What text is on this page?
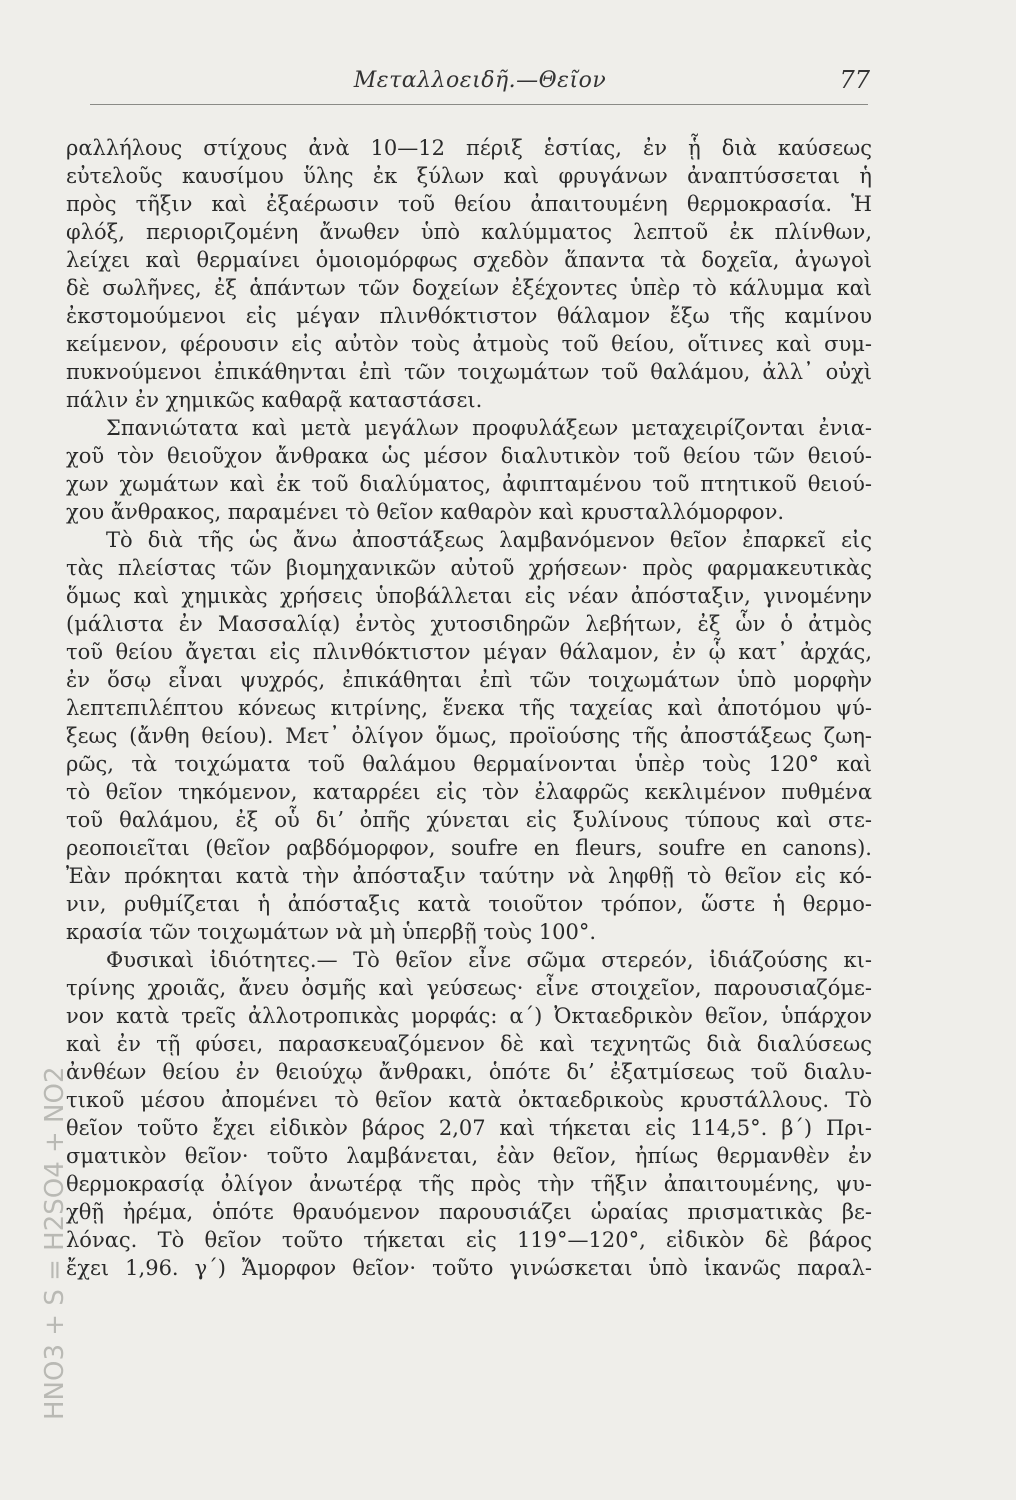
Μεταλλοειδῆ.—Θεῖον	77
ραλλήλους στίχους ἀνὰ 10—12 πέριξ ἑστίας, ἐν ᾗ διὰ καύσεως
εὐτελοῦς καυσίμου ὕλης ἐκ ξύλων καὶ φρυγάνων ἀναπτύσσεται ἡ
πρὸς τῆξιν καὶ ἐξαέρωσιν τοῦ θείου ἀπαιτουμένη θερμοκρασία. Ἡ
φλόξ, περιοριζομένη ἄνωθεν ὑπὸ καλύμματος λεπτοῦ ἐκ πλίνθων,
λείχει καὶ θερμαίνει ὁμοιομόρφως σχεδὸν ἅπαντα τὰ δοχεῖα, ἀγωγοὶ
δὲ σωλῆνες, ἐξ ἁπάντων τῶν δοχείων ἐξέχοντες ὑπὲρ τὸ κάλυμμα καὶ
ἐκστομούμενοι εἰς μέγαν πλινθόκτιστον θάλαμον ἔξω τῆς καμίνου
κείμενον, φέρουσιν εἰς αὐτὸν τοὺς ἀτμοὺς τοῦ θείου, οἵτινες καὶ συμ-
πυκνούμενοι ἐπικάθηνται ἐπὶ τῶν τοιχωμάτων τοῦ θαλάμου, ἀλλ᾿ οὐχὶ
πάλιν ἐν χημικῶς καθαρᾷ καταστάσει.
Σπανιώτατα καὶ μετὰ μεγάλων προφυλάξεων μεταχειρίζονται ἐνια-
χοῦ τὸν θειοῦχον ἄνθρακα ὡς μέσον διαλυτικὸν τοῦ θείου τῶν θειού-
χων χωμάτων καὶ ἐκ τοῦ διαλύματος, ἀφιπταμένου τοῦ πτητικοῦ θειού-
χου ἄνθρακος, παραμένει τὸ θεῖον καθαρὸν καὶ κρυσταλλόμορφον.
Τὸ διὰ τῆς ὡς ἄνω ἀποστάξεως λαμβανόμενον θεῖον ἐπαρκεῖ εἰς
τὰς πλείστας τῶν βιομηχανικῶν αὐτοῦ χρήσεων· πρὸς φαρμακευτικὰς
ὅμως καὶ χημικὰς χρήσεις ὑποβάλλεται εἰς νέαν ἀπόσταξιν, γινομένην
(μάλιστα ἐν Μασσαλίᾳ) ἐντὸς χυτοσιδηρῶν λεβήτων, ἐξ ὧν ὁ ἀτμὸς
τοῦ θείου ἄγεται εἰς πλινθόκτιστον μέγαν θάλαμον, ἐν ᾧ κατ᾿ ἀρχάς,
ἐν ὅσῳ εἶναι ψυχρός, ἐπικάθηται ἐπὶ τῶν τοιχωμάτων ὑπὸ μορφὴν
λεπτεπιλέπτου κόνεως κιτρίνης, ἕνεκα τῆς ταχείας καὶ ἀποτόμου ψύ-
ξεως (ἄνθη θείου). Μετ᾿ ὀλίγον ὅμως, προϊούσης τῆς ἀποστάξεως ζωη-
ρῶς, τὰ τοιχώματα τοῦ θαλάμου θερμαίνονται ὑπὲρ τοὺς 120° καὶ
τὸ θεῖον τηκόμενον, καταρρέει εἰς τὸν ἐλαφρῶς κεκλιμένον πυθμένα
τοῦ θαλάμου, ἐξ οὗ διʼ ὀπῆς χύνεται εἰς ξυλίνους τύπους καὶ στε-
ρεοποιεῖται (θεῖον ραβδόμορφον, soufre en fleurs, soufre en canons).
Ἐὰν πρόκηται κατὰ τὴν ἀπόσταξιν ταύτην νὰ ληφθῇ τὸ θεῖον εἰς κό-
νιν, ρυθμίζεται ἡ ἀπόσταξις κατὰ τοιοῦτον τρόπον, ὥστε ἡ θερμο-
κρασία τῶν τοιχωμάτων νὰ μὴ ὑπερβῇ τοὺς 100°.
Φυσικαὶ ἰδιότητες.— Τὸ θεῖον εἶνε σῶμα στερεόν, ἰδιάζούσης κι-
τρίνης χροιᾶς, ἄνευ ὀσμῆς καὶ γεύσεως· εἶνε στοιχεῖον, παρουσιαζόμε-
νον κατὰ τρεῖς ἀλλοτροπικὰς μορφάς: α΄) Ὀκταεδρικὸν θεῖον, ὑπάρχον
καὶ ἐν τῇ φύσει, παρασκευαζόμενον δὲ καὶ τεχνητῶς διὰ διαλύσεως
ἀνθέων θείου ἐν θειούχῳ ἄνθρακι, ὁπότε διʼ ἐξατμίσεως τοῦ διαλυ-
τικοῦ μέσου ἀπομένει τὸ θεῖον κατὰ ὀκταεδρικοὺς κρυστάλλους. Τὸ
θεῖον τοῦτο ἔχει εἰδικὸν βάρος 2,07 καὶ τήκεται εἰς 114,5°. β΄) Πρι-
σματικὸν θεῖον· τοῦτο λαμβάνεται, ἐὰν θεῖον, ἠπίως θερμανθὲν ἐν
θερμοκρασίᾳ ὀλίγον ἀνωτέρᾳ τῆς πρὸς τὴν τῆξιν ἀπαιτουμένης, ψυ-
χθῇ ἠρέμα, ὁπότε θραυόμενον παρουσιάζει ὡραίας πρισματικὰς βε-
λόνας. Τὸ θεῖον τοῦτο τήκεται εἰς 119°—120°, εἰδικὸν δὲ βάρος
ἔχει 1,96. γ΄) Ἄμορφον θεῖον· τοῦτο γινώσκεται ὑπὸ ἱκανῶς παραλ-
HNO3 + S = H2SO4 + NO2
